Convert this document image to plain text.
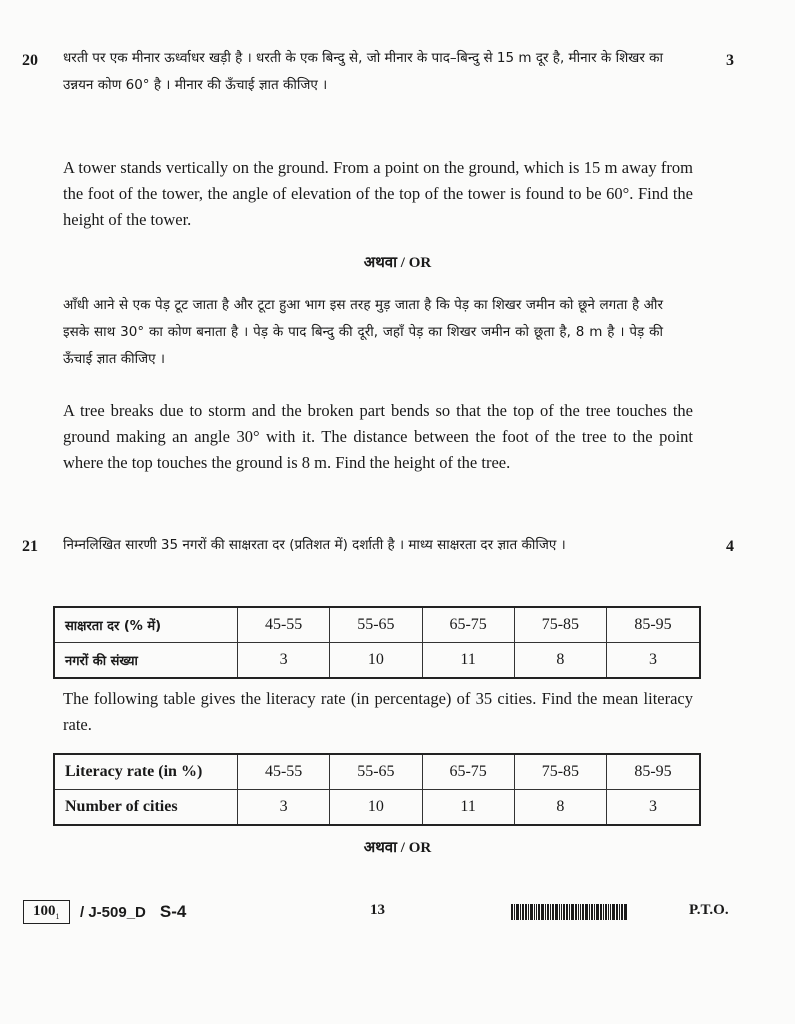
20	3
धरती पर एक मीनार ऊर्ध्वाधर खड़ी है । धरती के एक बिन्दु से, जो मीनार के पाद–बिन्दु से 15 m दूर है, मीनार के शिखर का उन्नयन कोण 60° है । मीनार की ऊँचाई ज्ञात कीजिए ।
A tower stands vertically on the ground. From a point on the ground, which is 15 m away from the foot of the tower, the angle of elevation of the top of the tower is found to be 60°. Find the height of the tower.
अथवा / OR
आँधी आने से एक पेड़ टूट जाता है और टूटा हुआ भाग इस तरह मुड़ जाता है कि पेड़ का शिखर जमीन को छूने लगता है और इसके साथ 30° का कोण बनाता है । पेड़ के पाद बिन्दु की दूरी, जहाँ पेड़ का शिखर जमीन को छूता है, 8 m है । पेड़ की ऊँचाई ज्ञात कीजिए ।
A tree breaks due to storm and the broken part bends so that the top of the tree touches the ground making an angle 30° with it. The distance between the foot of the tree to the point where the top touches the ground is 8 m. Find the height of the tree.
21	4
निम्नलिखित सारणी 35 नगरों की साक्षरता दर (प्रतिशत में) दर्शाती है । माध्य साक्षरता दर ज्ञात कीजिए ।
साक्षरता दर (% में)	45-55	55-65	65-75	75-85	85-95
नगरों की संख्या	3	10	11	8	3
The following table gives the literacy rate (in percentage) of 35 cities. Find the mean literacy rate.
Literacy rate (in %)	45-55	55-65	65-75	75-85	85-95
Number of cities	3	10	11	8	3
अथवा / OR
$100_1$	/ J-509_D S-4	13	P.T.O.
